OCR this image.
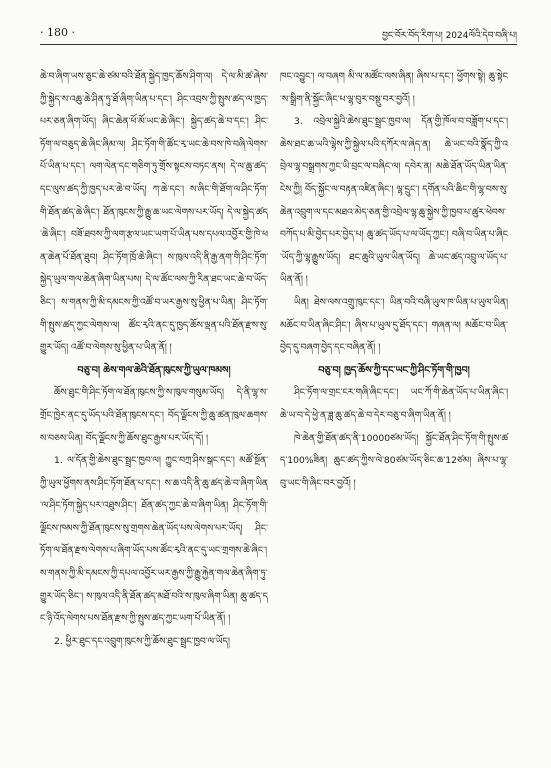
· 180 ·	བྱང་བོར་བོད་རིག་པ། 2024ལོའི་དེབ་བཞི་པ།

ཆེ་བ་ཞིག་ཡས་ཅུང་ཆེ་ཙམ་བའི་ཐོན་སྐྱེད་ཁྱད་ཆོས་ཤིག་ལ། དེ་ལ་མི་ཚ་ཞེས་ཀྱི་སྐྱེད་ས་འཆུ་ཆེ་ཤིན་ཏུ་ཐོ་ཞིག་ཡིན་པ་དང་། ཤིང་འབྲས་ཀྱི་སྤུས་ཚད་ལ་ཁྱད་པར་ཅན་ཞིག་ཡོད། ཞིང་ཆེན་ཕོ་མོ་ཡང་ཆེ་ཞིང་། སྐྱེད་ཚད་ཆེ་བ་དང་། ཤིང་ཏོག་ལ་བཅུད་ཆེ་ཞིང་ཞིམ་ལ། ཤིང་ཏོག་གི་ཚོང་རྭ་ཡང་ཆེ་བས་ཁེ་བཞི་ལེགས་པོ་ཡིན་པ་དང་། ལག་ལེན་དང་གཅིག་ཏུ་གྲོས་སྟངས་བཏང་ནས། དེ་ལ་ཆུ་ཚད་དང་ལུས་ཚད་ཀྱི་ཁྱད་པར་ཆེ་བ་ཡོད། ཀ་ཆེ་དང་། ས་ཞིང་གི་ཐོག་ལ་ཤིང་ཏོག་གི་ཐོན་ཚད་ཆེ་ཞིང་། ཐོན་ཁུངས་ཀྱི་རྒྱུ་ཆ་ཡང་ལེགས་པར་ཡོད། དེ་ལ་སྐྱེད་ཚད་ཆེ་ཞིང་། བཟོ་ཐབས་ཀྱི་ལག་རྩལ་ཡང་ཡག་པོ་ཡིན་པས་དཔལ་འབྱོར་གྱི་ཁེ་ཕན་ཆེན་པོ་ཐོན་ཐུབ། ཤིང་ཏོག་ཁྲོ་ཆེ་ཞིང་། ས་ཁུལ་འདི་ནི་རྒྱ་ནག་གི་ཤིང་ཏོག་སྐྱེད་ཡུལ་གལ་ཆེན་ཞིག་ཡིན་པས། དེ་ལ་ཚོང་ལས་ཀྱི་རིན་ཐང་ཡང་ཆེ་བ་ཡོད་ཅིང་། ས་གནས་ཀྱི་མི་དམངས་ཀྱི་འཚོ་བ་ཡར་རྒྱས་སུ་ཕྱིན་པ་ཡིན། ཤིང་ཏོག་གི་སྤུས་ཚད་ཀྱང་ལེགས་ལ། ཚོང་རྭའི་ནང་དུ་ཁྱད་ཆོས་ལྡན་པའི་ཐོན་རྫས་སུ་གྱུར་ཡོད། འཚོ་བ་ལེགས་སུ་ཕྱིན་པ་ཡིན་ནོ། །

བཅུ་བ། ཆེས་གལ་ཆེའི་ཐོན་ཁུངས་ཀྱི་ཡུལ་ཁམས།

ཆོས་ཐུང་གི་ཤིང་ཏོག་ལ་ཐོན་ཁུངས་ཀྱི་ས་ཁུལ་གསུམ་ཡོད། དེ་ནི་ལྷ་ས་གྲོང་ཁྱེར་ནང་དུ་ཡོད་པའི་ཐོན་ཁུངས་དང་། བོད་ལྗོངས་ཀྱི་ཆུ་ཚན་ཁུལ་ཆགས་ས་བཅས་ཡིན། བོད་ལྗོངས་ཀྱི་ཆོས་ཐུང་རྒྱས་པར་ཡོད་དོ། །

1. ལ་དོན་གྱི་ཆེས་ཐུང་སྦྲང་ཁྱབ་ལ། ཀྱུང་བཀྲ་ཤིས་སྒང་དང་། མཚོ་སྔོན་ཀྱི་ཡུལ་ཕྱོགས་ནས་ཤིང་ཏོག་ཐོན་པ་དང་། ས་ཆ་འདི་ནི་ཆུ་ཚད་ཆེ་བ་ཞིག་ཡིན་ལ་ཤིང་ཏོག་སྐྱེད་པར་འཐུས་ཤིང་། ཐོན་ཚད་ཀྱང་ཆེ་བ་ཞིག་ཡིན། ཤིང་ཏོག་གི་ལྗོངས་ཁམས་ཀྱི་ཐོན་ཁུངས་སུ་གྲགས་ཆེན་ཡོད་པས་ལེགས་པར་ཡོད། ཤིང་ཏོག་ལ་ཐོན་རྫས་ལེགས་པ་ཞིག་ཡོད་པས་ཚོང་རྭའི་ནང་དུ་ཡང་གྲགས་ཆེ་ཞིང་། ས་གནས་ཀྱི་མི་དམངས་ཀྱི་དཔལ་འབྱོར་ཡར་རྒྱས་ཀྱི་རྒྱུ་རྐྱེན་གལ་ཆེན་ཞིག་ཏུ་གྱུར་ཡོད་ཅིང་། ས་ཁུལ་འདི་ནི་ཐོན་ཚད་མཐོ་བའི་ས་ཁུལ་ཞིག་ཡིན། ཆུ་ཚད་དང་ཉི་འོད་ལེགས་པས་ཐོན་རྫས་ཀྱི་སྤུས་ཚད་ཀྱང་ཡག་པོ་ཡིན་ནོ། །

2. ཕྱིར་ཐུང་དང་འབྲུག་ཁུངས་ཀྱི་ཆོས་ཐུང་སྦྲང་ཁྱབ་ལ་ཡོད།

ཁང་འབྱུང་། ལ་བཞག མི་ལ་མཚོང་ལས་ཞིན། ཞིས་པ་དང་། ཕྱོགས་སྟེ། ཆུ་སྟེང་ས་སྒྲིག་ནི་སྐྱོང་ཞིང་པ་ལྷ་བུར་བསྡུ་བར་བྱའོ། །

3. འབྲེལ་སྐྱེའི་ཆེས་ཐུང་སྦྲང་ཁྱབ་ལ། དོན་གྱི་ཁོལ་བ་བཟློག་པ་དང་། ཆེས་ཐང་ཆ་ཡའི་ལྷེས་ཀྱི་སྐྱེལ་པའི་དཀོར་ལ་ཞེད་ན། ཆེ་ཡང་བའི་སྣོད་ཀྱི་འབྲེལ་ལྷ་བསྒྲགས་ཀྱང་ཡི་བྲང་ལ་བཞིང་ལ། དབེར་ན། མཆེ་ཐོན་ཡོད་ཡིན་ཡིན་ངེས་ཀྱི། བོད་སྐྱོང་ལ་བརྟན་འཛིན་ཞིང་། ལྷ་དྲུང་། དགོན་པའི་ཆིང་གི་ལྷ་བས་སུ་ཆེན་འབྲུག་ལ་དང་མཐའ་མེད་ཅན་གྱི་འབྲེལ་ལྷ་ཆུ་སྐྱེས་ཀྱི་ཁྱབ་པ་ཚུར་ཕེབས་བཀོད་པ་མི་བྱེད་པར་བྱེད་པ། ཆུ་ཚད་ཡོད་པ་ལ་ཡོད་ཀྱང་། བཞི་བ་ཡིན་པ་ཞིང་ཡོད་ཀྱི་ལྷ་རྒྱུས་ཡོད། ཐང་ཆུའི་ཡུལ་ཡིན་ཡོད། ཆེ་ཡང་ཚད་འབྲུ་ལ་ཡོད་པ་ཡིན་ནོ། །

ཡིན། ཐེས་ལས་འགྲུ་ཁུང་དང་། ཡིན་བའི་བཞི་ཡུལ་ཁ་ཡིན་པ་ཡུལ་ཡིན། མཆོང་བ་ཡིན་ཞིང་ཤིང་། ཞིས་པ་ཡུལ་དུ་ཐོད་དང་། གཞན་ལ། མཆོང་བ་ཡིན་བྱེད་དུ་བཞག་བྱེད་དང་བཞིན་ནོ། །

བཅུ་བ། ཁྱད་ཆོས་ཀྱི་དང་ཡང་ཀྱི་ཤིང་ཏོག་གི་ཁྱབ།

ཤིང་ཏོག་ལ་གྲང་ངར་གཞི་ཞིང་དང་། ཡང་ཀོ་གི་ཆེན་ཡོད་པ་ཡིན་ཞིང་། ཆེ་ཡ་བ་དེ་ཕྱེ་ན་ཟླ་ཆུ་ཚད་ཆེ་བ་དེར་བཅུ་བ་ཞིག་ཡིན་ནོ། །

ཁེ་ཆེན་གྱི་ཐོན་ཚད་ནི་10000ཙམ་ཡོད། སྐྱོང་ཐོན་ཤིང་ཏོག་གི་སྤུས་ཚད་100%ཟིན། ཆུང་ཚད་ཀྱིས་ལེ་80ཙམ་ཡོད་ཅིང་ཆ་12ཙམ། ཞིས་པ་ལྷ་བུ་ཡང་གི་ཞིང་བར་བྱའོ། །
